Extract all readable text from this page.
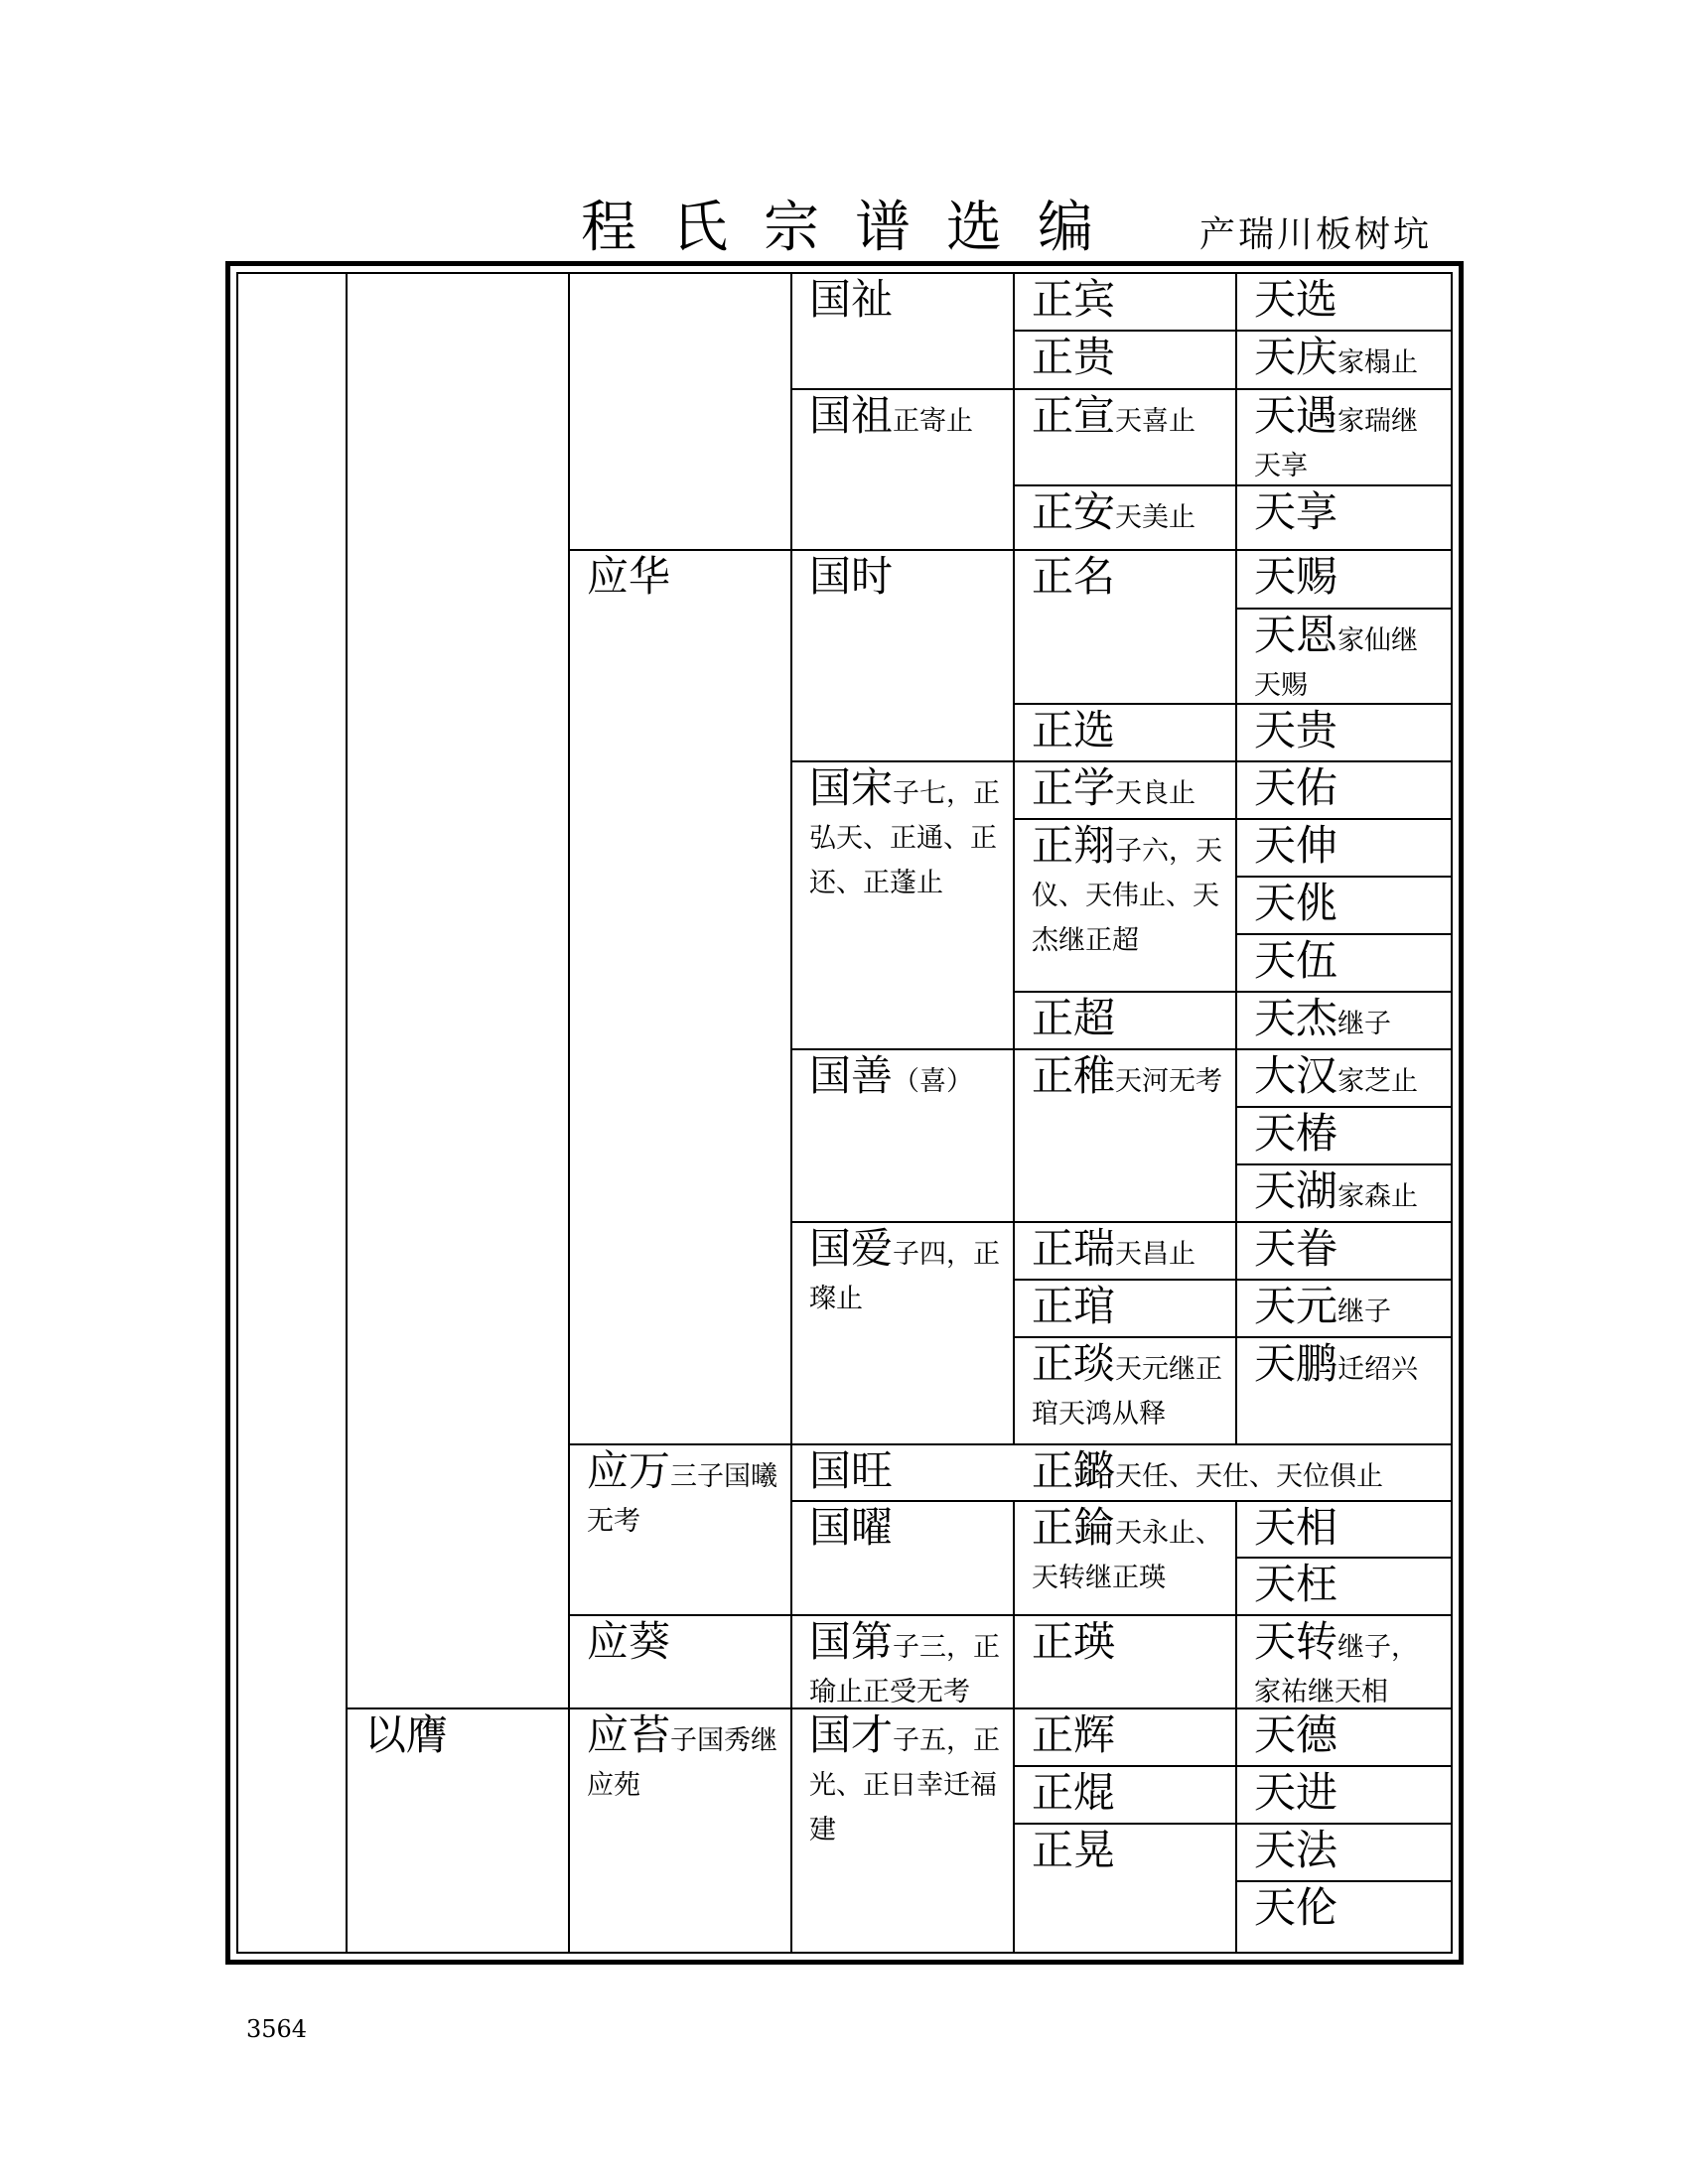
程氏宗谱选编 产瑞川板树坑
以膺
应华
应万三子国曦无考
应葵
应苔子国秀继应苑
国祉
国祖正寄止
国时
国宋子七，正弘天、正通、正还、正蓬止
国善（喜）
国爱子四，正璨止
国旺
国曜
国第子三，正瑜止正受无考
国才子五，正光、正日幸迁福建
正宾
正贵
正宣天喜止
正安天美止
正名
正选
正学天良止
正翔子六，天仪、天伟止、天杰继正超
正超
正稚天河无考
正瑞天昌止
正琯
正琰天元继正琯天鸿从释
正鏴天任、天仕、天位俱止
正錀天永止、天转继正瑛
正瑛
正辉
正焜
正晃
天选
天庆家榻止
天遇家瑞继天享
天享
天赐
天恩家仙继天赐
天贵
天佑
天伸
天佻
天伍
天杰继子
大汉家芝止
天椿
天湖家森止
天眷
天元继子
天鹏迁绍兴
天相
天枉
天转继子，家祐继天相
天德
天进
天法
天伦
3564
